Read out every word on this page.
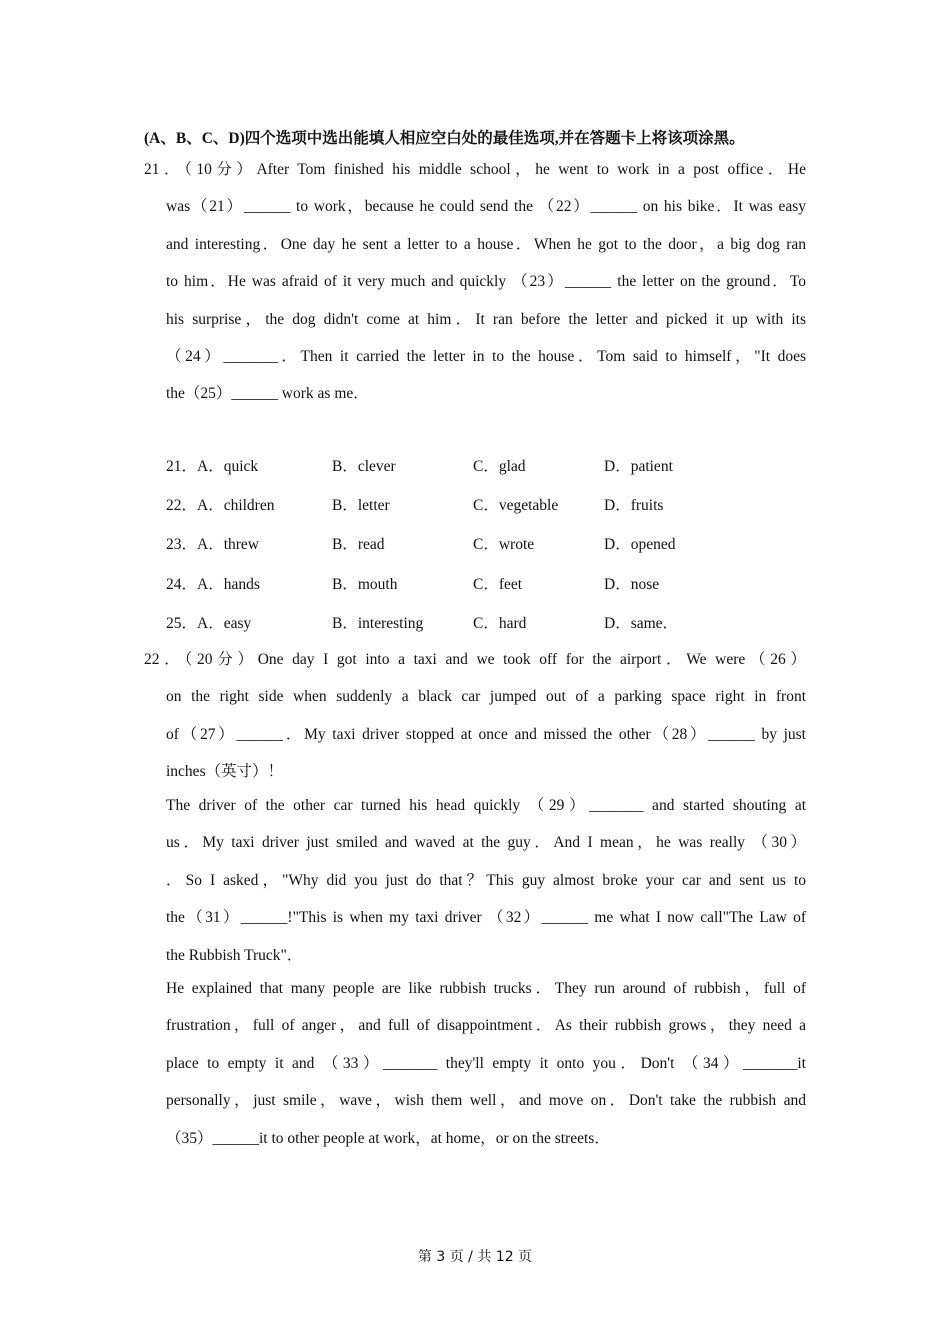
(A、B、C、D)四个选项中选出能填人相应空白处的最佳选项,并在答题卡上将该项涂黑。
21．（10分）After Tom finished his middle school，he went to work in a post office．He
was（21）______ to work，because he could send the （22）______ on his bike．It was easy
and interesting．One day he sent a letter to a house．When he got to the door，a big dog ran
to him．He was afraid of it very much and quickly （23）______ the letter on the ground．To
his surprise，the dog didn't come at him．It ran before the letter and picked it up with its
（24）_______．Then it carried the letter in to the house．Tom said to himself，"It does
the（25）______ work as me．
21．A．quick	B．clever	C．glad	D．patient
22．A．children	B．letter	C．vegetable	D．fruits
23．A．threw	B．read	C．wrote	D．opened
24．A．hands	B．mouth	C．feet	D．nose
25．A．easy	B．interesting	C．hard	D．same．
22．（20分）One day I got into a taxi and we took off for the airport．We were（26）
on the right side when suddenly a black car jumped out of a parking space right in front
of（27）______．My taxi driver stopped at once and missed the other（28）______ by just
inches（英寸）！
The driver of the other car turned his head quickly （29）_______ and started shouting at
us．My taxi driver just smiled and waved at the guy．And I mean，he was really （30）
．So I asked，"Why did you just do that？This guy almost broke your car and sent us to
the（31）______!"This is when my taxi driver （32）______ me what I now call"The Law of
the Rubbish Truck"．
He explained that many people are like rubbish trucks．They run around of rubbish，full of
frustration，full of anger，and full of disappointment．As their rubbish grows，they need a
place to empty it and （33）_______ they'll empty it onto you．Don't （34）_______it
personally，just smile，wave，wish them well，and move on．Don't take the rubbish and
（35）______it to other people at work，at home，or on the streets．
第 3 页 / 共 12 页
